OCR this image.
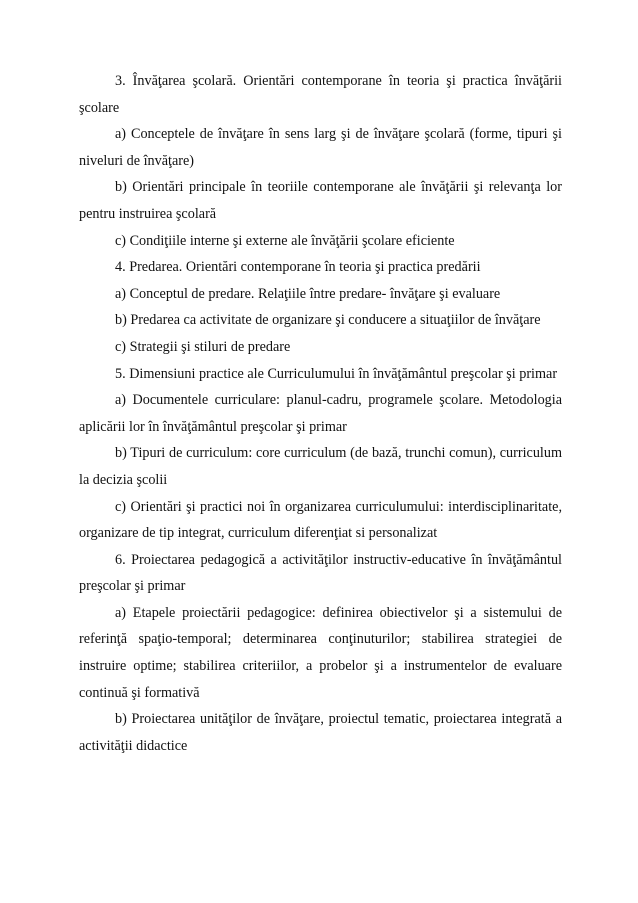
3. Învăţarea şcolară. Orientări contemporane în teoria şi practica învăţării şcolare

a) Conceptele de învăţare în sens larg şi de învăţare şcolară (forme, tipuri şi niveluri de învăţare)

b) Orientări principale în teoriile contemporane ale învăţării şi relevanţa lor pentru instruirea şcolară

c) Condiţiile interne şi externe ale învăţării şcolare eficiente

4. Predarea. Orientări contemporane în teoria şi practica predării

a) Conceptul de predare. Relaţiile între predare- învăţare şi evaluare

b) Predarea ca activitate de organizare şi conducere a situaţiilor de învăţare

c) Strategii şi stiluri de predare

5. Dimensiuni practice ale Curriculumului în învăţământul preşcolar şi primar

a) Documentele curriculare: planul-cadru, programele şcolare. Metodologia aplicării lor în învăţământul preşcolar şi primar

b) Tipuri de curriculum: core curriculum (de bază, trunchi comun), curriculum la decizia şcolii

c) Orientări şi practici noi în organizarea curriculumului: interdisciplinaritate, organizare de tip integrat, curriculum diferenţiat si personalizat

6. Proiectarea pedagogică a activităţilor instructiv-educative în învăţământul preşcolar şi primar

a) Etapele proiectării pedagogice: definirea obiectivelor şi a sistemului de referinţă spaţio-temporal; determinarea conţinuturilor; stabilirea strategiei de instruire optime; stabilirea criteriilor, a probelor şi a instrumentelor de evaluare continuă şi formativă

b) Proiectarea unităţilor de învăţare, proiectul tematic, proiectarea integrată a activităţii didactice
